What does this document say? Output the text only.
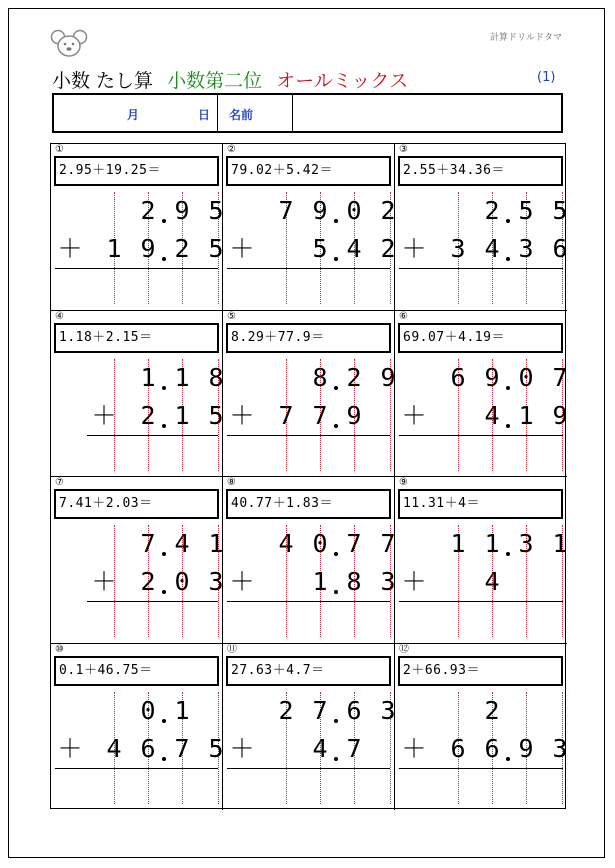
計算ドリルドタマ
小数 たし算 小数第二位 オールミックス	(1)
月	日 名前
①
2.95＋19.25＝
2 9 5
1 9 2 5
＋
②
79.02＋5.42＝
7 9 0 2
5 4 2
＋
③
2.55＋34.36＝
2 5 5
3 4 3 6
＋
④
1.18＋2.15＝
1 1 8
2 1 5
＋
⑤
8.29＋77.9＝
8 2 9
7 7 9
＋
⑥
69.07＋4.19＝
6 9 0 7
4 1 9
＋
⑦
7.41＋2.03＝
7 4 1
2 0 3
＋
⑧
40.77＋1.83＝
4 0 7 7
1 8 3
＋
⑨
11.31＋4＝
1 1 3 1
4
＋
⑩
0.1＋46.75＝
0 1
4 6 7 5
＋
⑪
27.63＋4.7＝
2 7 6 3
4 7
＋
⑫
2＋66.93＝
2
6 6 9 3
＋
